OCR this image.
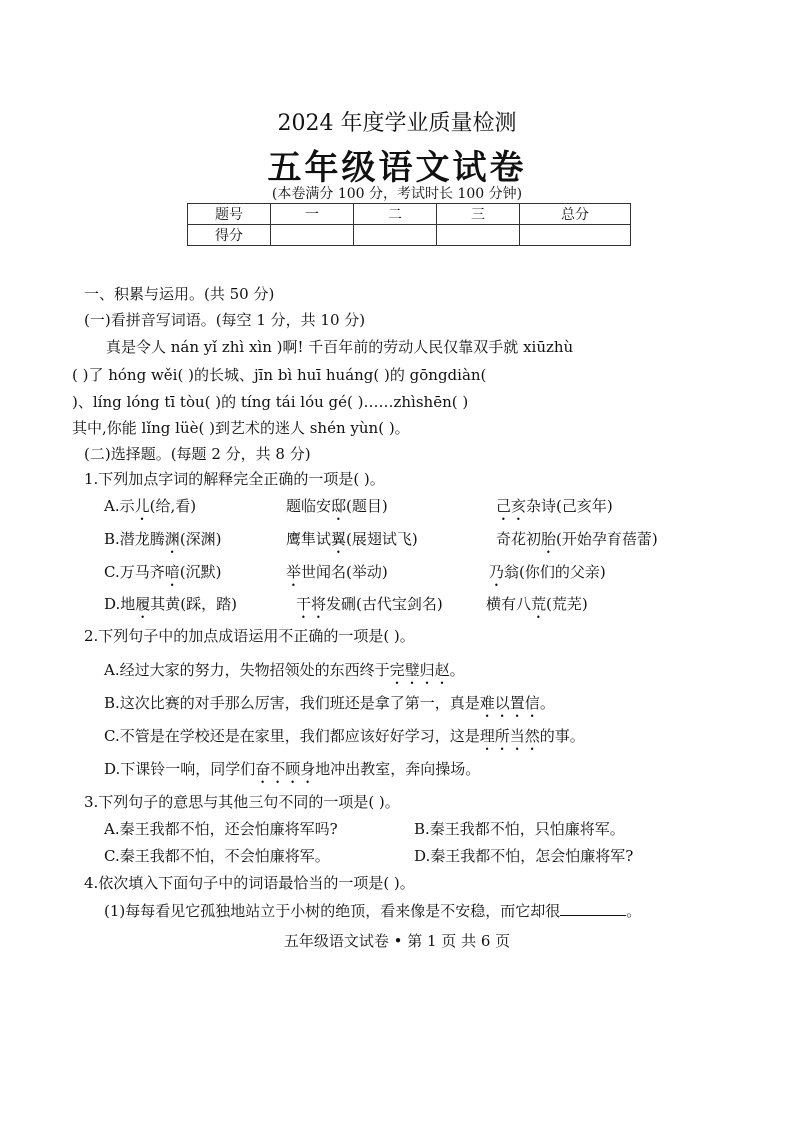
2024 年度学业质量检测
五年级语文试卷
(本卷满分 100 分，考试时长 100 分钟)
题号	一	二	三	总分
得分				
一、积累与运用。(共 50 分)
(一)看拼音写词语。(每空 1 分，共 10 分)
真是令人 nán yǐ zhì xìn )啊! 千百年前的劳动人民仅靠双手就 xiūzhù
( )了 hóng wěi( )的长城、jīn bì huī huáng( )的 gōngdiàn(
)、líng lóng tī tòu( )的 tíng tái lóu gé( )……zhìshēn( )
其中,你能 lǐng lüè( )到艺术的迷人 shén yùn( )。
(二)选择题。(每题 2 分，共 8 分)
1.下列加点字词的解释完全正确的一项是( )。
A.示儿(给,看)	题临安邸(题目)	己亥杂诗(己亥年)
B.潜龙腾渊(深渊)	鹰隼试翼(展翅试飞)	奇花初胎(开始孕育蓓蕾)
C.万马齐喑(沉默)	举世闻名(举动)	乃翁(你们的父亲)
D.地履其黄(踩，踏)	干将发硎(古代宝剑名)	横有八荒(荒芜)
2.下列句子中的加点成语运用不正确的一项是( )。
A.经过大家的努力，失物招领处的东西终于完璧归赵。
B.这次比赛的对手那么厉害，我们班还是拿了第一，真是难以置信。
C.不管是在学校还是在家里，我们都应该好好学习，这是理所当然的事。
D.下课铃一响，同学们奋不顾身地冲出教室，奔向操场。
3.下列句子的意思与其他三句不同的一项是( )。
A.秦王我都不怕，还会怕廉将军吗?	B.秦王我都不怕，只怕廉将军。
C.秦王我都不怕，不会怕廉将军。	D.秦王我都不怕，怎会怕廉将军?
4.依次填入下面句子中的词语最恰当的一项是( )。
(1)每每看见它孤独地站立于小树的绝顶，看来像是不安稳，而它却很	。
五年级语文试卷 • 第 1 页 共 6 页
